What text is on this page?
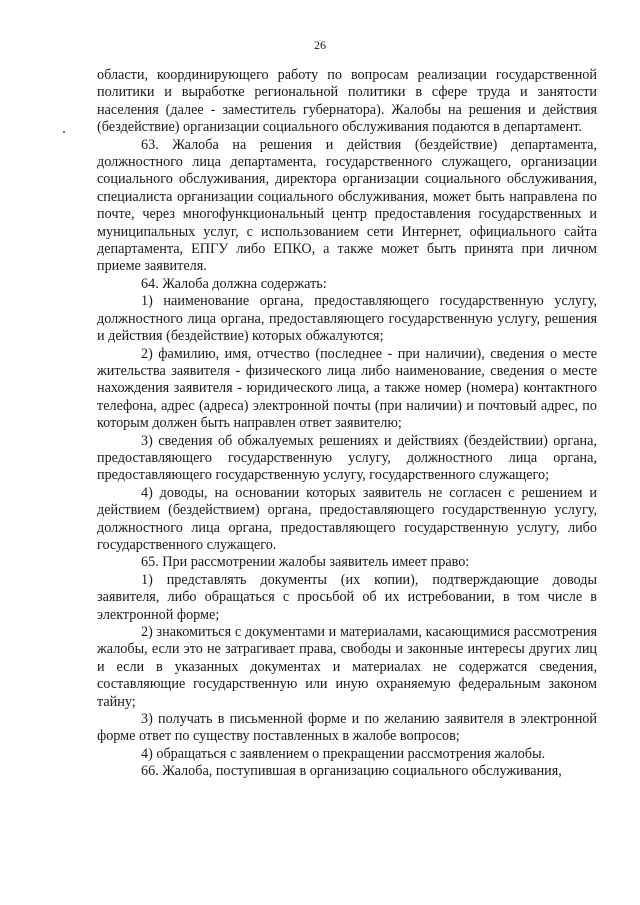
26

области, координирующего работу по вопросам реализации государственной политики и выработке региональной политики в сфере труда и занятости населения (далее - заместитель губернатора). Жалобы на решения и действия (бездействие) организации социального обслуживания подаются в департамент.

63. Жалоба на решения и действия (бездействие) департамента, должностного лица департамента, государственного служащего, организации социального обслуживания, директора организации социального обслуживания, специалиста организации социального обслуживания, может быть направлена по почте, через многофункциональный центр предоставления государственных и муниципальных услуг, с использованием сети Интернет, официального сайта департамента, ЕПГУ либо ЕПКО, а также может быть принята при личном приеме заявителя.

64. Жалоба должна содержать:

1) наименование органа, предоставляющего государственную услугу, должностного лица органа, предоставляющего государственную услугу, решения и действия (бездействие) которых обжалуются;

2) фамилию, имя, отчество (последнее - при наличии), сведения о месте жительства заявителя - физического лица либо наименование, сведения о месте нахождения заявителя - юридического лица, а также номер (номера) контактного телефона, адрес (адреса) электронной почты (при наличии) и почтовый адрес, по которым должен быть направлен ответ заявителю;

3) сведения об обжалуемых решениях и действиях (бездействии) органа, предоставляющего государственную услугу, должностного лица органа, предоставляющего государственную услугу, государственного служащего;

4) доводы, на основании которых заявитель не согласен с решением и действием (бездействием) органа, предоставляющего государственную услугу, должностного лица органа, предоставляющего государственную услугу, либо государственного служащего.

65. При рассмотрении жалобы заявитель имеет право:

1) представлять документы (их копии), подтверждающие доводы заявителя, либо обращаться с просьбой об их истребовании, в том числе в электронной форме;

2) знакомиться с документами и материалами, касающимися рассмотрения жалобы, если это не затрагивает права, свободы и законные интересы других лиц и если в указанных документах и материалах не содержатся сведения, составляющие государственную или иную охраняемую федеральным законом тайну;

3) получать в письменной форме и по желанию заявителя в электронной форме ответ по существу поставленных в жалобе вопросов;

4) обращаться с заявлением о прекращении рассмотрения жалобы.

66. Жалоба, поступившая в организацию социального обслуживания,
